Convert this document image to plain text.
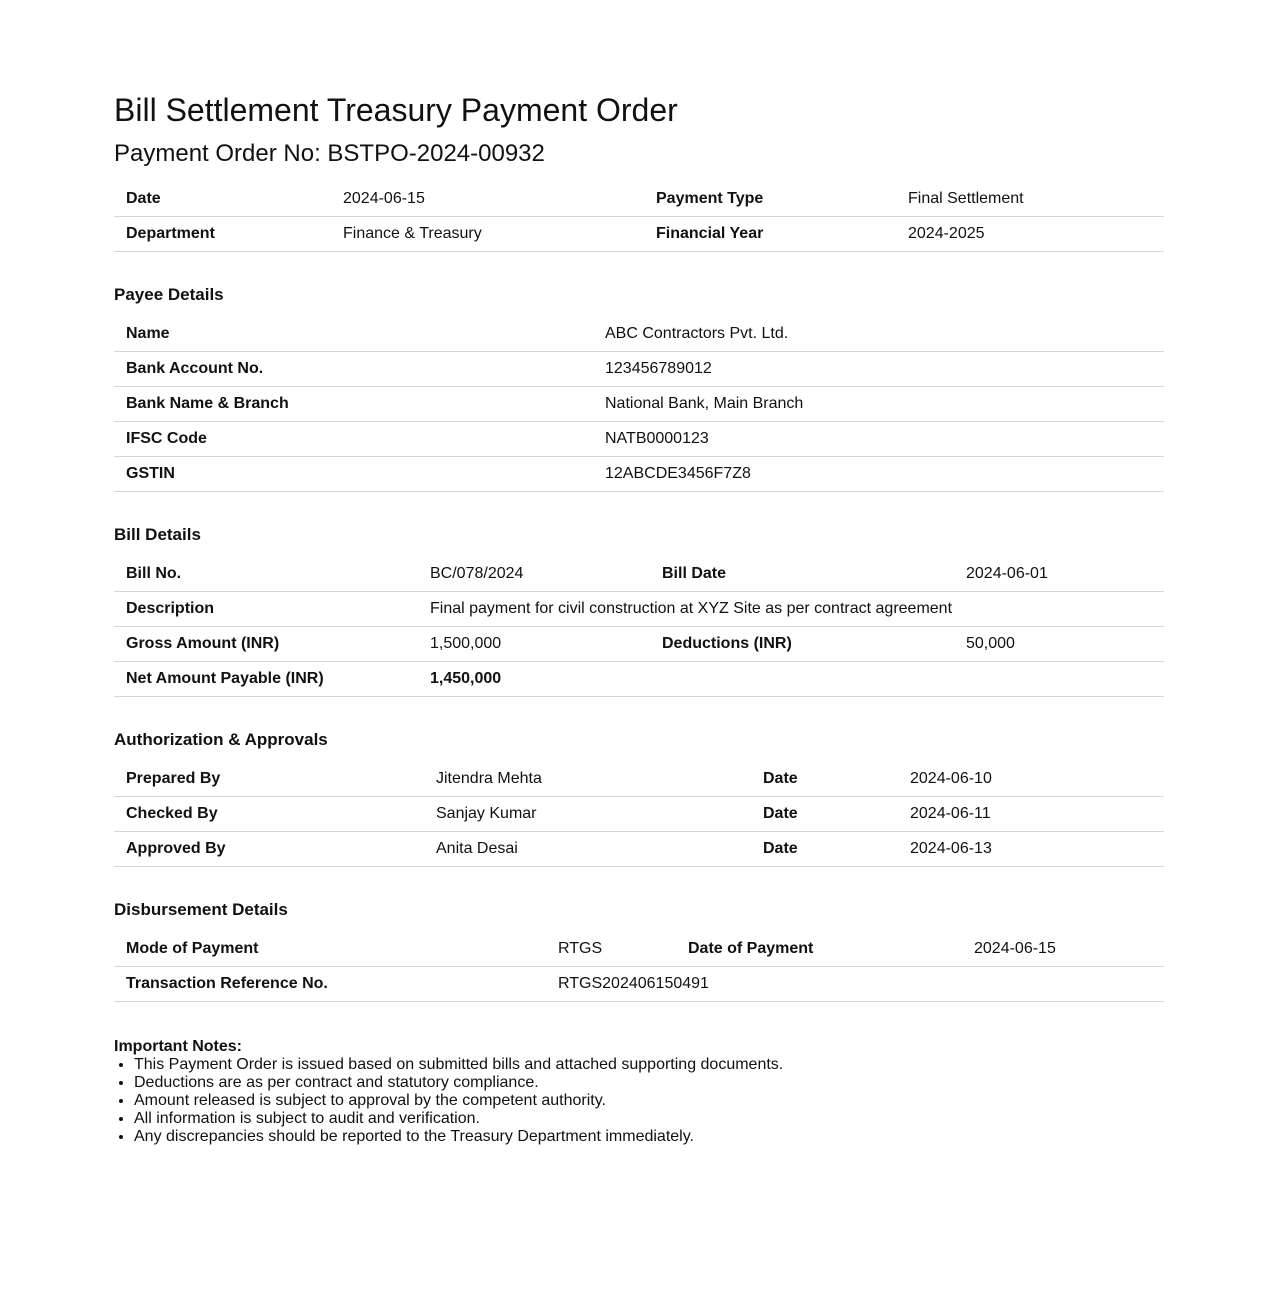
Bill Settlement Treasury Payment Order
Payment Order No: BSTPO-2024-00932
Date	2024-06-15	Payment Type	Final Settlement
Department	Finance & Treasury	Financial Year	2024-2025
Payee Details
Name	ABC Contractors Pvt. Ltd.
Bank Account No.	123456789012
Bank Name & Branch	National Bank, Main Branch
IFSC Code	NATB0000123
GSTIN	12ABCDE3456F7Z8
Bill Details
Bill No.	BC/078/2024	Bill Date	2024-06-01
Description	Final payment for civil construction at XYZ Site as per contract agreement		
Gross Amount (INR)	1,500,000	Deductions (INR)	50,000
Net Amount Payable (INR)	1,450,000		
Authorization & Approvals
Prepared By	Jitendra Mehta	Date	2024-06-10
Checked By	Sanjay Kumar	Date	2024-06-11
Approved By	Anita Desai	Date	2024-06-13
Disbursement Details
Mode of Payment	RTGS	Date of Payment	2024-06-15
Transaction Reference No.	RTGS202406150491		
Important Notes:
• This Payment Order is issued based on submitted bills and attached supporting documents.
• Deductions are as per contract and statutory compliance.
• Amount released is subject to approval by the competent authority.
• All information is subject to audit and verification.
• Any discrepancies should be reported to the Treasury Department immediately.
